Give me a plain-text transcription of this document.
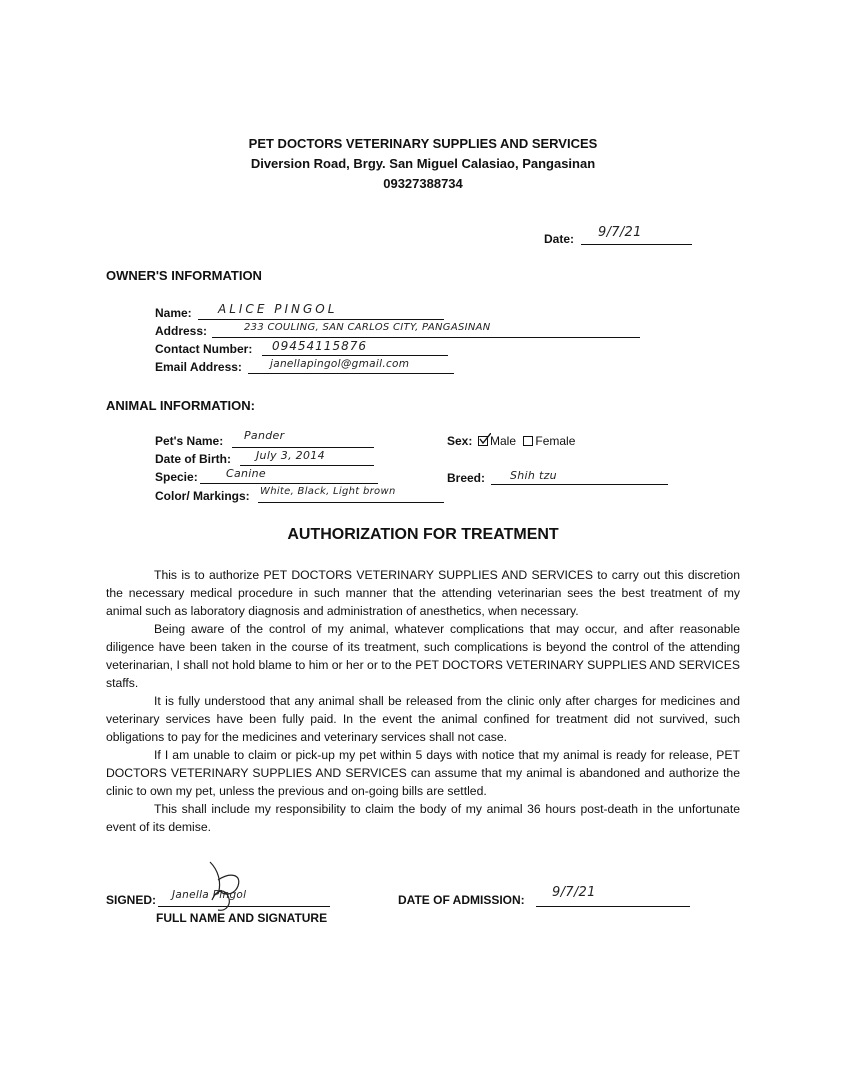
PET DOCTORS VETERINARY SUPPLIES AND SERVICES
Diversion Road, Brgy. San Miguel Calasiao, Pangasinan
09327388734
Date: 9/7/21
OWNER'S INFORMATION
Name: ALICE PINGOL
Address:	233 COULING, SAN CARLOS CITY, PANGASINAN
Contact Number: 09454115876
Email Address:	janellapingol@gmail.com
ANIMAL INFORMATION:
Pet's Name: Pander
Date of Birth: July 3, 2014
Specie:	Canine
Color/ Markings: White, Black, Light brown
Sex:	Male Female
Breed: Shih tzu
AUTHORIZATION FOR TREATMENT

This is to authorize PET DOCTORS VETERINARY SUPPLIES AND SERVICES to carry out this discretion the necessary medical procedure in such manner that the attending veterinarian sees the best treatment of my animal such as laboratory diagnosis and administration of anesthetics, when necessary.

Being aware of the control of my animal, whatever complications that may occur, and after reasonable diligence have been taken in the course of its treatment, such complications is beyond the control of the attending veterinarian, I shall not hold blame to him or her or to the PET DOCTORS VETERINARY SUPPLIES AND SERVICES staffs.

It is fully understood that any animal shall be released from the clinic only after charges for medicines and veterinary services have been fully paid. In the event the animal confined for treatment did not survived, such obligations to pay for the medicines and veterinary services shall not case.

If I am unable to claim or pick-up my pet within 5 days with notice that my animal is ready for release, PET DOCTORS VETERINARY SUPPLIES AND SERVICES can assume that my animal is abandoned and authorize the clinic to own my pet, unless the previous and on-going bills are settled.

This shall include my responsibility to claim the body of my animal 36 hours post-death in the unfortunate event of its demise.

SIGNED: Janella Pingol
FULL NAME AND SIGNATURE
DATE OF ADMISSION: 9/7/21
